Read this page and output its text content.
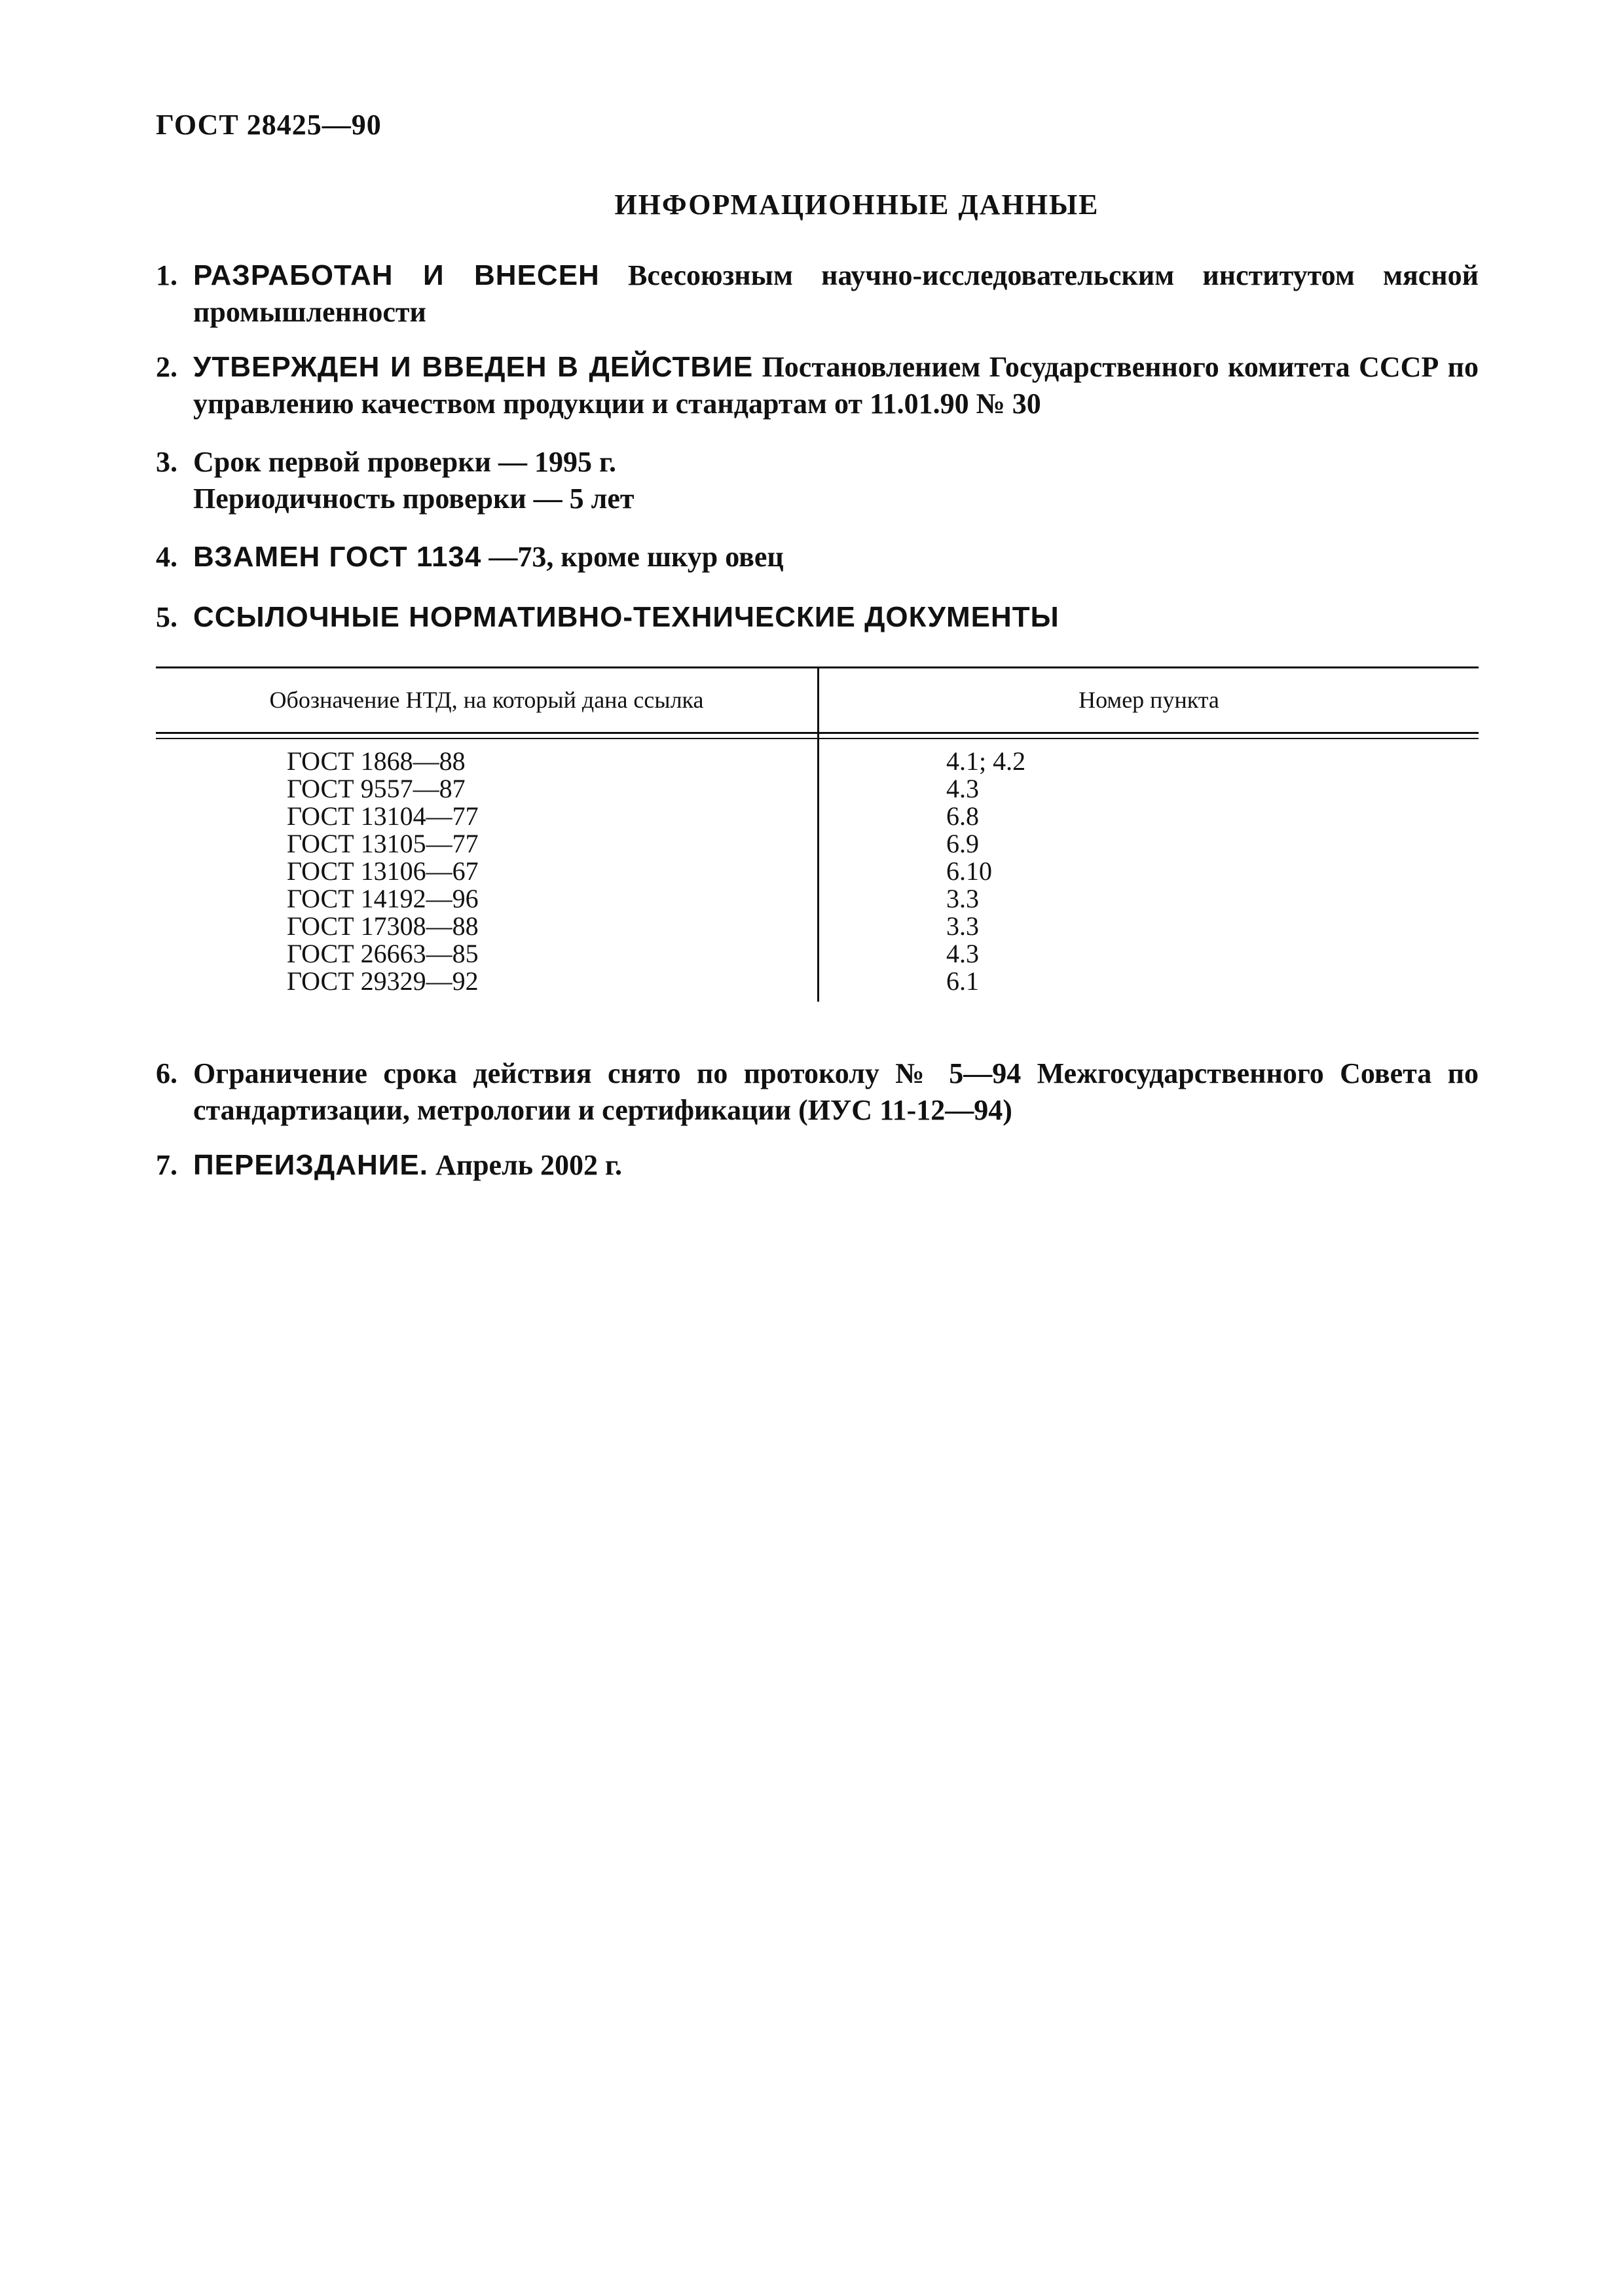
ГОСТ 28425—90
ИНФОРМАЦИОННЫЕ ДАННЫЕ

1. РАЗРАБОТАН И ВНЕСЕН Всесоюзным научно-исследовательским институтом мясной промышленности

2. УТВЕРЖДЕН И ВВЕДЕН В ДЕЙСТВИЕ Постановлением Государственного комитета СССР по управлению качеством продукции и стандартам от 11.01.90 № 30

3. Срок первой проверки — 1995 г.
Периодичность проверки — 5 лет

4. ВЗАМЕН ГОСТ 1134 —73, кроме шкур овец

5. ССЫЛОЧНЫЕ НОРМАТИВНО-ТЕХНИЧЕСКИЕ ДОКУМЕНТЫ

Обозначение НТД, на который дана ссылка	Номер пункта
ГОСТ 1868—88
ГОСТ 9557—87
ГОСТ 13104—77
ГОСТ 13105—77
ГОСТ 13106—67
ГОСТ 14192—96
ГОСТ 17308—88
ГОСТ 26663—85
ГОСТ 29329—92
4.1; 4.2
4.3
6.8
6.9
6.10
3.3
3.3
4.3
6.1

6. Ограничение срока действия снято по протоколу № 5—94 Межгосударственного Совета по стандартизации, метрологии и сертификации (ИУС 11-12—94)

7. ПЕРЕИЗДАНИЕ. Апрель 2002 г.
